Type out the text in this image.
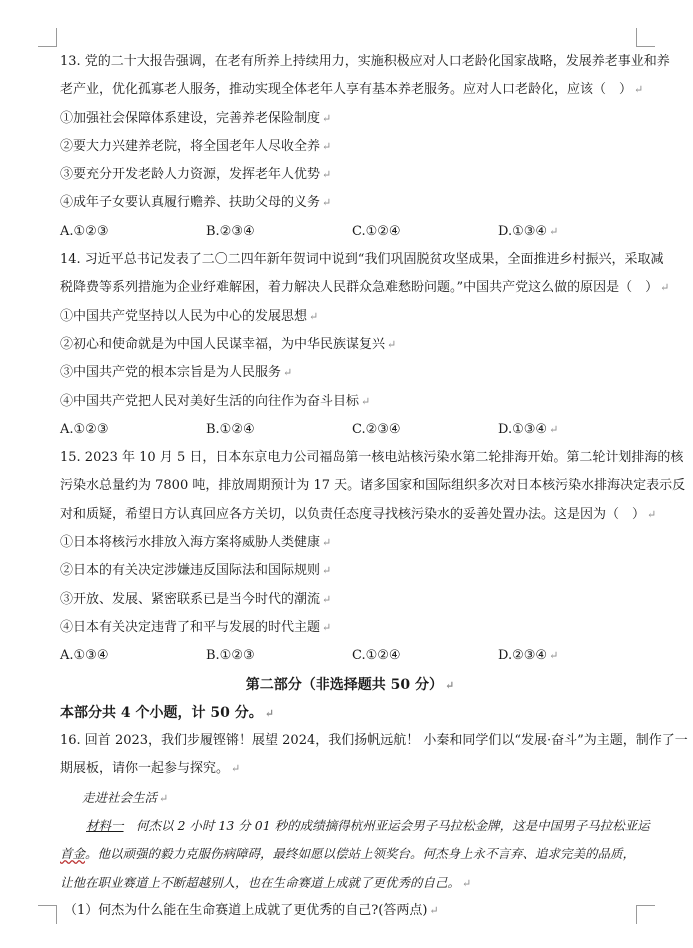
13. 党的二十大报告强调，在老有所养上持续用力，实施积极应对人口老龄化国家战略，发展养老事业和养
老产业，优化孤寡老人服务，推动实现全体老年人享有基本养老服务。应对人口老龄化，应该（　） ↵
①加强社会保障体系建设，完善养老保险制度 ↵
②要大力兴建养老院，将全国老年人尽收全养 ↵
③要充分开发老龄人力资源，发挥老年人优势 ↵
④成年子女要认真履行赡养、扶助父母的义务 ↵
A.①②③	B.②③④	C.①②④	D.①③④ ↵
14. 习近平总书记发表了二〇二四年新年贺词中说到“我们巩固脱贫攻坚成果，全面推进乡村振兴，采取减
税降费等系列措施为企业纾难解困，着力解决人民群众急难愁盼问题。”中国共产党这么做的原因是（　） ↵
①中国共产党坚持以人民为中心的发展思想 ↵
②初心和使命就是为中国人民谋幸福，为中华民族谋复兴 ↵
③中国共产党的根本宗旨是为人民服务 ↵
④中国共产党把人民对美好生活的向往作为奋斗目标 ↵
A.①②③	B.①②④	C.②③④	D.①③④ ↵
15. 2023 年 10 月 5 日，日本东京电力公司福岛第一核电站核污染水第二轮排海开始。第二轮计划排海的核
污染水总量约为 7800 吨，排放周期预计为 17 天。诸多国家和国际组织多次对日本核污染水排海决定表示反
对和质疑，希望日方认真回应各方关切，以负责任态度寻找核污染水的妥善处置办法。这是因为（　） ↵
①日本将核污水排放入海方案将威胁人类健康 ↵
②日本的有关决定涉嫌违反国际法和国际规则 ↵
③开放、发展、紧密联系已是当今时代的潮流 ↵
④日本有关决定违背了和平与发展的时代主题 ↵
A.①③④	B.①②③	C.①②④	D.②③④ ↵
第二部分（非选择题共 50 分） ↵
本部分共 4 个小题，计 50 分。 ↵
16. 回首 2023，我们步履铿锵！展望 2024，我们扬帆远航！ 小秦和同学们以“发展·奋斗”为主题，制作了一
期展板，请你一起参与探究。 ↵
走进社会生活 ↵
材料一　何杰以 2 小时 13 分 01 秒的成绩摘得杭州亚运会男子马拉松金牌，这是中国男子马拉松亚运
首金。他以顽强的毅力克服伤病障碍，最终如愿以偿站上领奖台。何杰身上永不言弃、追求完美的品质，
让他在职业赛道上不断超越别人，也在生命赛道上成就了更优秀的自己。 ↵
（1）何杰为什么能在生命赛道上成就了更优秀的自己?(答两点) ↵
